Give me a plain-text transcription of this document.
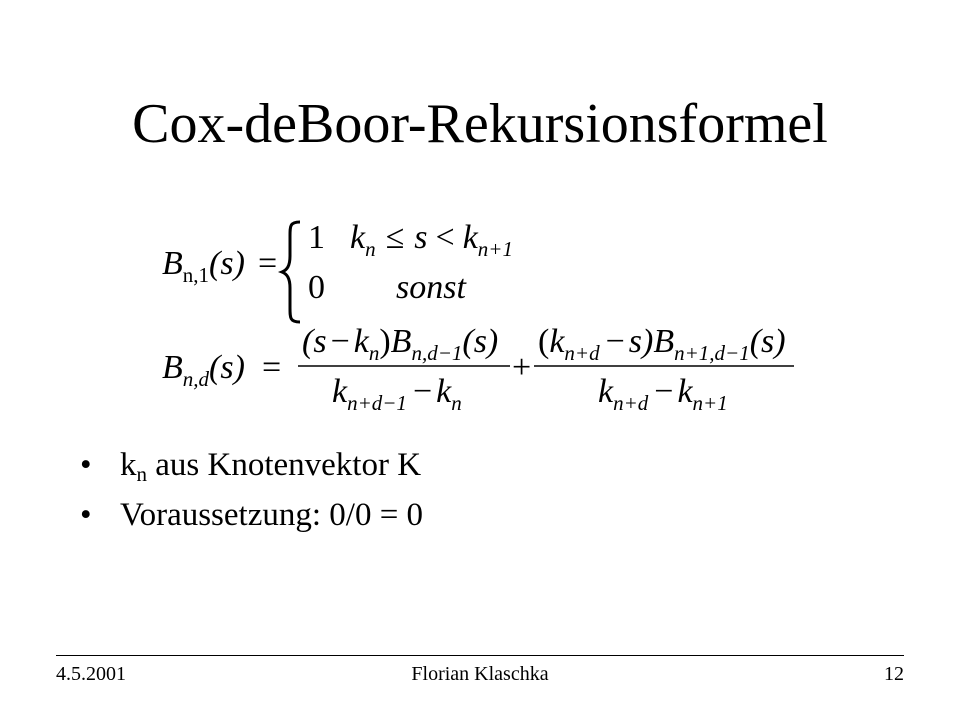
Cox-deBoor-Rekursionsformel
$B_{n,1}(s)$ =
1 $k_n \le s < k_{n+1}$
0 sonst
$B_{n,d}(s)$ =
$(s - k_n)B_{n,d-1}(s)$
$k_{n+d-1} - k_n$
+
$(k_{n+d} - s)B_{n+1,d-1}(s)$
$k_{n+d} - k_{n+1}$
• $k_n$ aus Knotenvektor K
• Voraussetzung: 0/0 = 0
4.5.2001	Florian Klaschka	12
